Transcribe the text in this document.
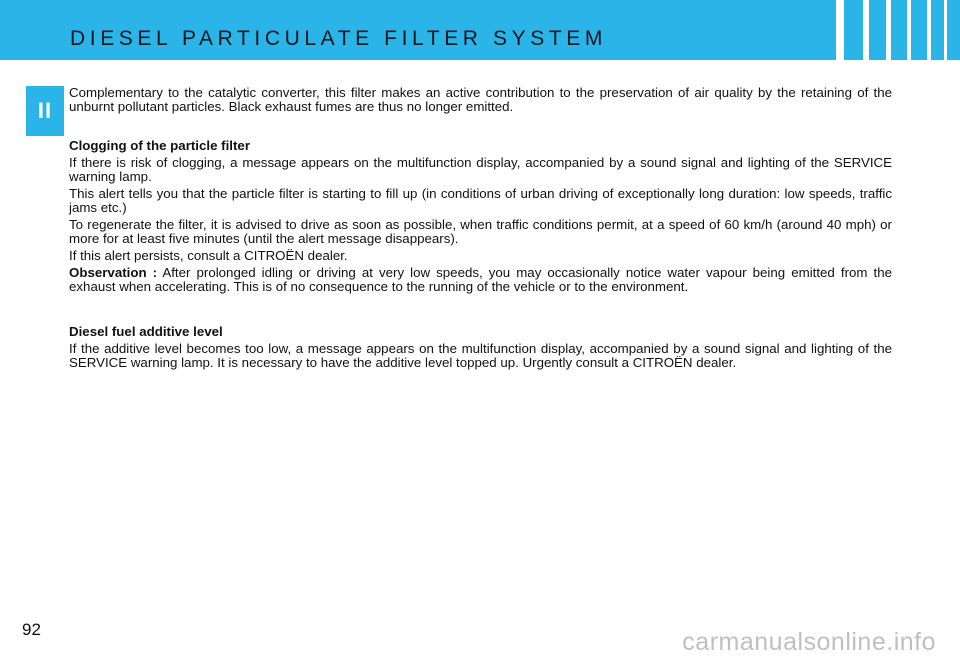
DIESEL PARTICULATE FILTER SYSTEM
II

Complementary to the catalytic converter, this filter makes an active contribution to the preservation of air quality by the retaining of the unburnt pollutant particles. Black exhaust fumes are thus no longer emitted.

Clogging of the particle filter

If there is risk of clogging, a message appears on the multifunction display, accompanied by a sound signal and lighting of the SERVICE warning lamp.

This alert tells you that the particle filter is starting to fill up (in conditions of urban driving of exceptionally long duration: low speeds, traffic jams etc.)

To regenerate the filter, it is advised to drive as soon as possible, when traffic conditions permit, at a speed of 60 km/h (around 40 mph) or more for at least five minutes (until the alert message disappears).

If this alert persists, consult a CITROËN dealer.

Observation : After prolonged idling or driving at very low speeds, you may occasionally notice water vapour being emitted from the exhaust when accelerating. This is of no consequence to the running of the vehicle or to the environment.

Diesel fuel additive level

If the additive level becomes too low, a message appears on the multifunction display, accompanied by a sound signal and lighting of the SERVICE warning lamp. It is necessary to have the additive level topped up. Urgently consult a CITROËN dealer.

92	carmanualsonline.info
